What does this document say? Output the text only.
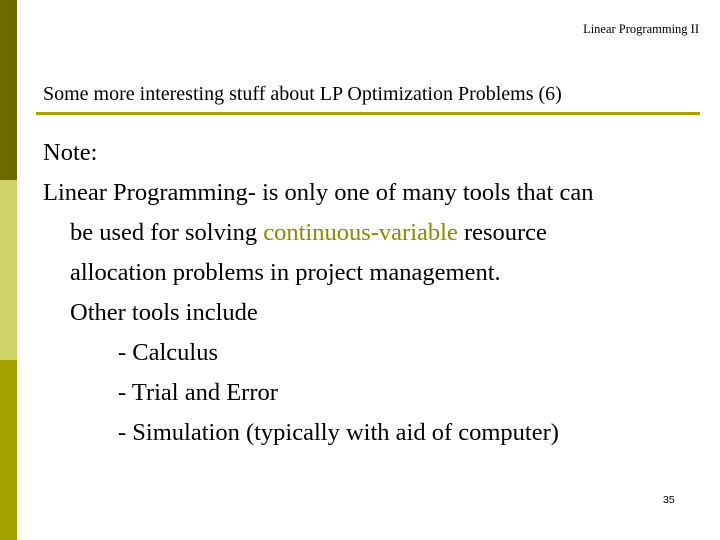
Linear Programming II
Some more interesting stuff about LP Optimization Problems (6)

Note:

Linear Programming- is only one of many tools that can

be used for solving continuous-variable resource

allocation problems in project management.

Other tools include

- Calculus

- Trial and Error

- Simulation (typically with aid of computer)

35
